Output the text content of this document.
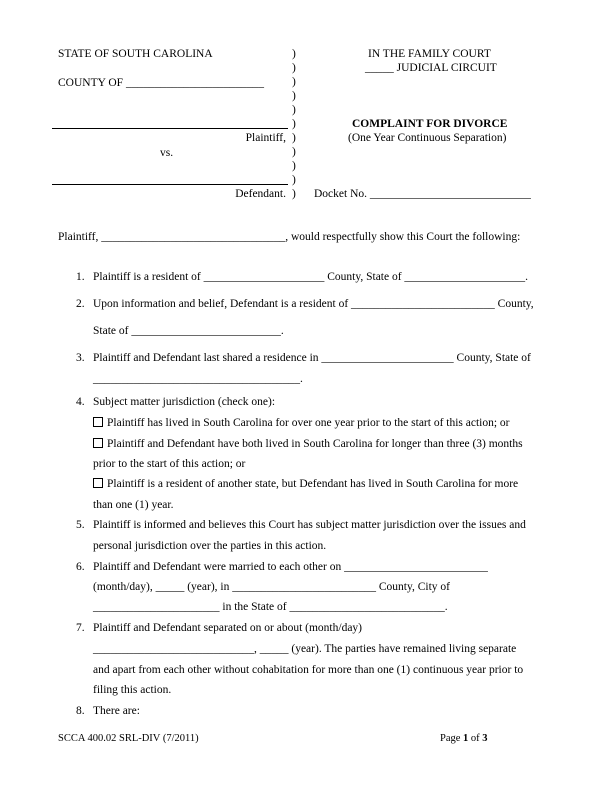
STATE OF SOUTH CAROLINA
COUNTY OF ________________________
Plaintiff,
vs.
Defendant.
)
)
)
)
)
)
)
)
)
)
)
IN THE FAMILY COURT
_____ JUDICIAL CIRCUIT
COMPLAINT FOR DIVORCE
(One Year Continuous Separation)
Docket No. ____________________________
Plaintiff, ________________________________, would respectfully show this Court the following:
1. Plaintiff is a resident of _____________________ County, State of _____________________.
2. Upon information and belief, Defendant is a resident of _________________________ County,
State of __________________________.
3. Plaintiff and Defendant last shared a residence in _______________________ County, State of
____________________________________.
4. Subject matter jurisdiction (check one):
Plaintiff has lived in South Carolina for over one year prior to the start of this action; or
Plaintiff and Defendant have both lived in South Carolina for longer than three (3) months
prior to the start of this action; or
Plaintiff is a resident of another state, but Defendant has lived in South Carolina for more
than one (1) year.
5. Plaintiff is informed and believes this Court has subject matter jurisdiction over the issues and
personal jurisdiction over the parties in this action.
6. Plaintiff and Defendant were married to each other on _________________________
(month/day), _____ (year), in _________________________ County, City of
______________________ in the State of ___________________________.
7. Plaintiff and Defendant separated on or about (month/day)
____________________________, _____ (year). The parties have remained living separate
and apart from each other without cohabitation for more than one (1) continuous year prior to
filing this action.
8. There are:
SCCA 400.02 SRL-DIV (7/2011)	Page 1 of 3
